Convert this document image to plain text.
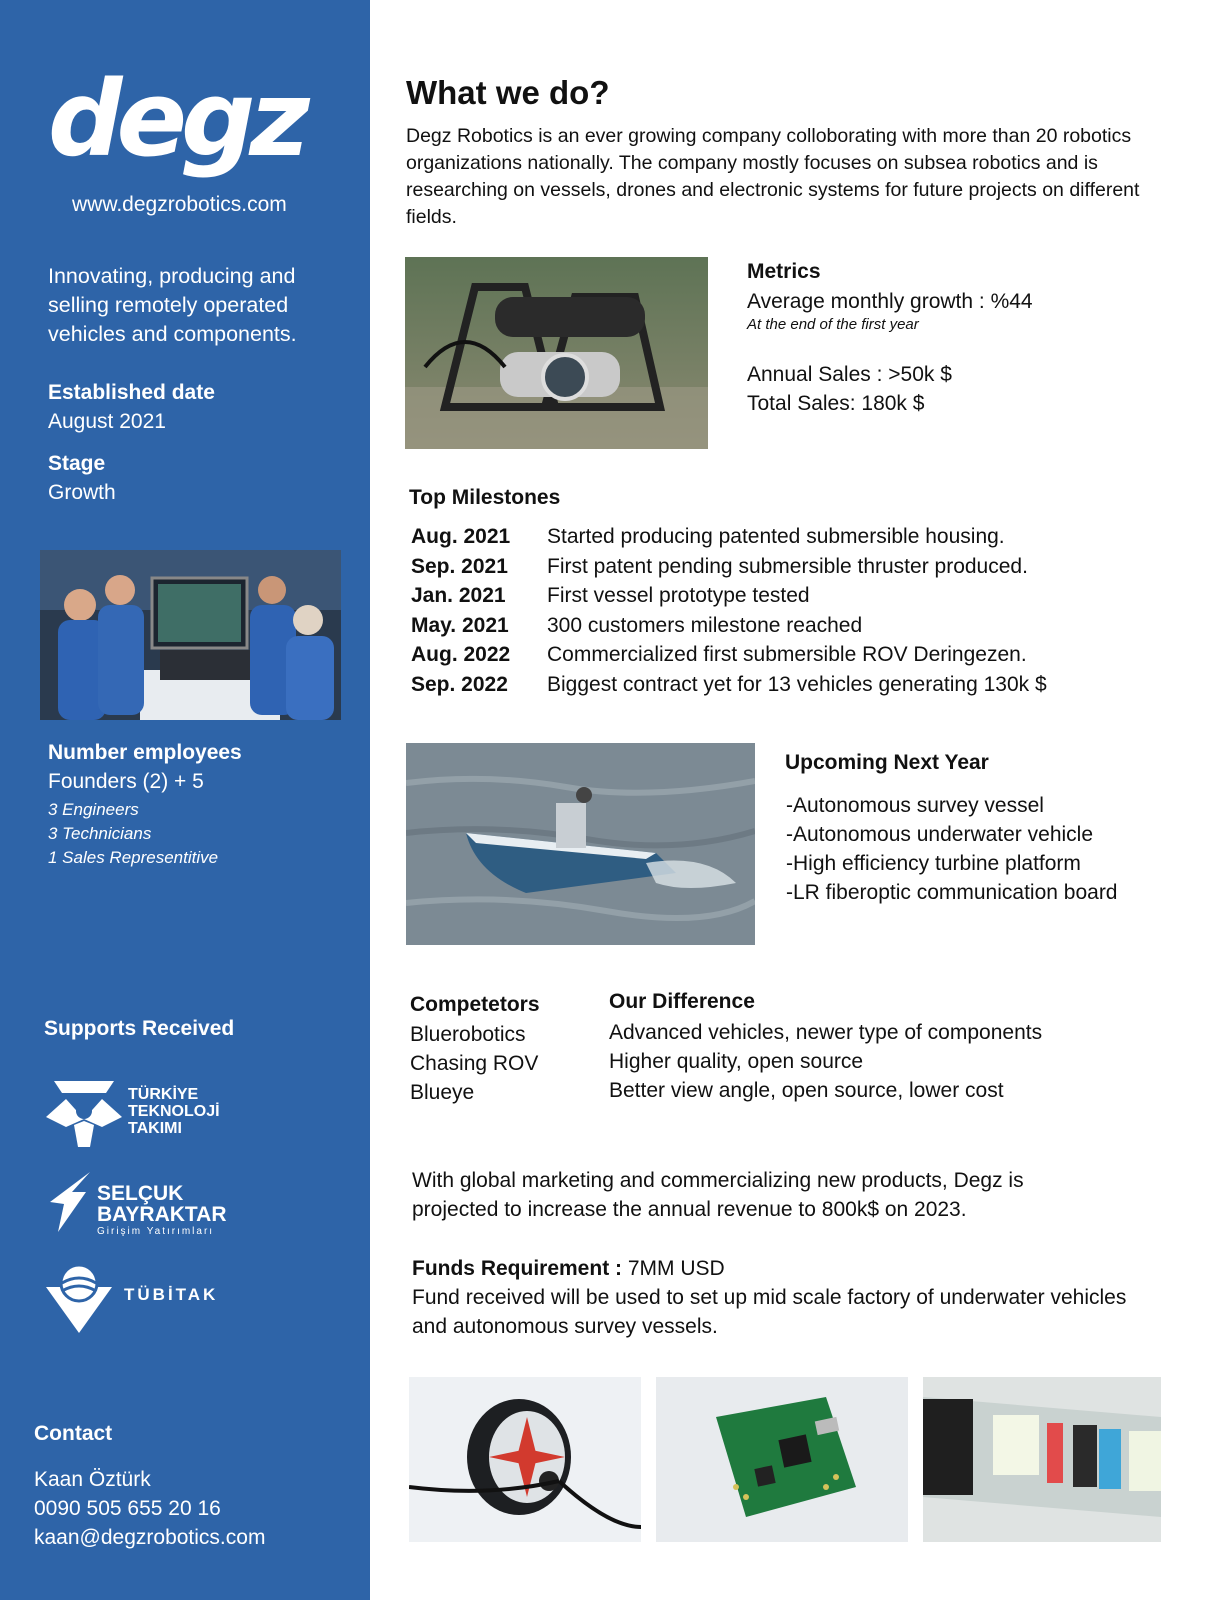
degz
www.degzrobotics.com
Innovating, producing and selling remotely operated vehicles and components.
Established date
August 2021
Stage
Growth
Number employees
Founders (2) + 5
3 Engineers
3 Technicians
1 Sales Representitive
Supports Received
TÜRKİYE
TEKNOLOJİ
TAKIMI
SELÇUK
BAYRAKTAR
Girişim Yatırımları
TÜBİTAK
Contact
Kaan Öztürk
0090 505 655 20 16
kaan@degzrobotics.com
What we do?
Degz Robotics is an ever growing company colloborating with more than 20 robotics organizations nationally. The company mostly focuses on subsea robotics and is researching on vessels, drones and electronic systems for future projects on different fields.
Metrics
Average monthly growth : %44
At the end of the first year
Annual Sales : >50k $
Total Sales: 180k $
Top Milestones
Aug. 2021	Started producing patented submersible housing.
Sep. 2021	First patent pending submersible thruster produced.
Jan. 2021	First vessel prototype tested
May. 2021	300 customers milestone reached
Aug. 2022	Commercialized first submersible ROV Deringezen.
Sep. 2022	Biggest contract yet for 13 vehicles generating 130k $
Upcoming Next Year
-Autonomous survey vessel
-Autonomous underwater vehicle
-High efficiency turbine platform
-LR fiberoptic communication board
Competetors
Bluerobotics
Chasing ROV
Blueye
Our Difference
Advanced vehicles, newer type of components
Higher quality, open source
Better view angle, open source, lower cost
With global marketing and commercializing new products, Degz is projected to increase the annual revenue to 800k$ on 2023.
Funds Requirement : 7MM USD
Fund received will be used to set up mid scale factory of underwater vehicles and autonomous survey vessels.
